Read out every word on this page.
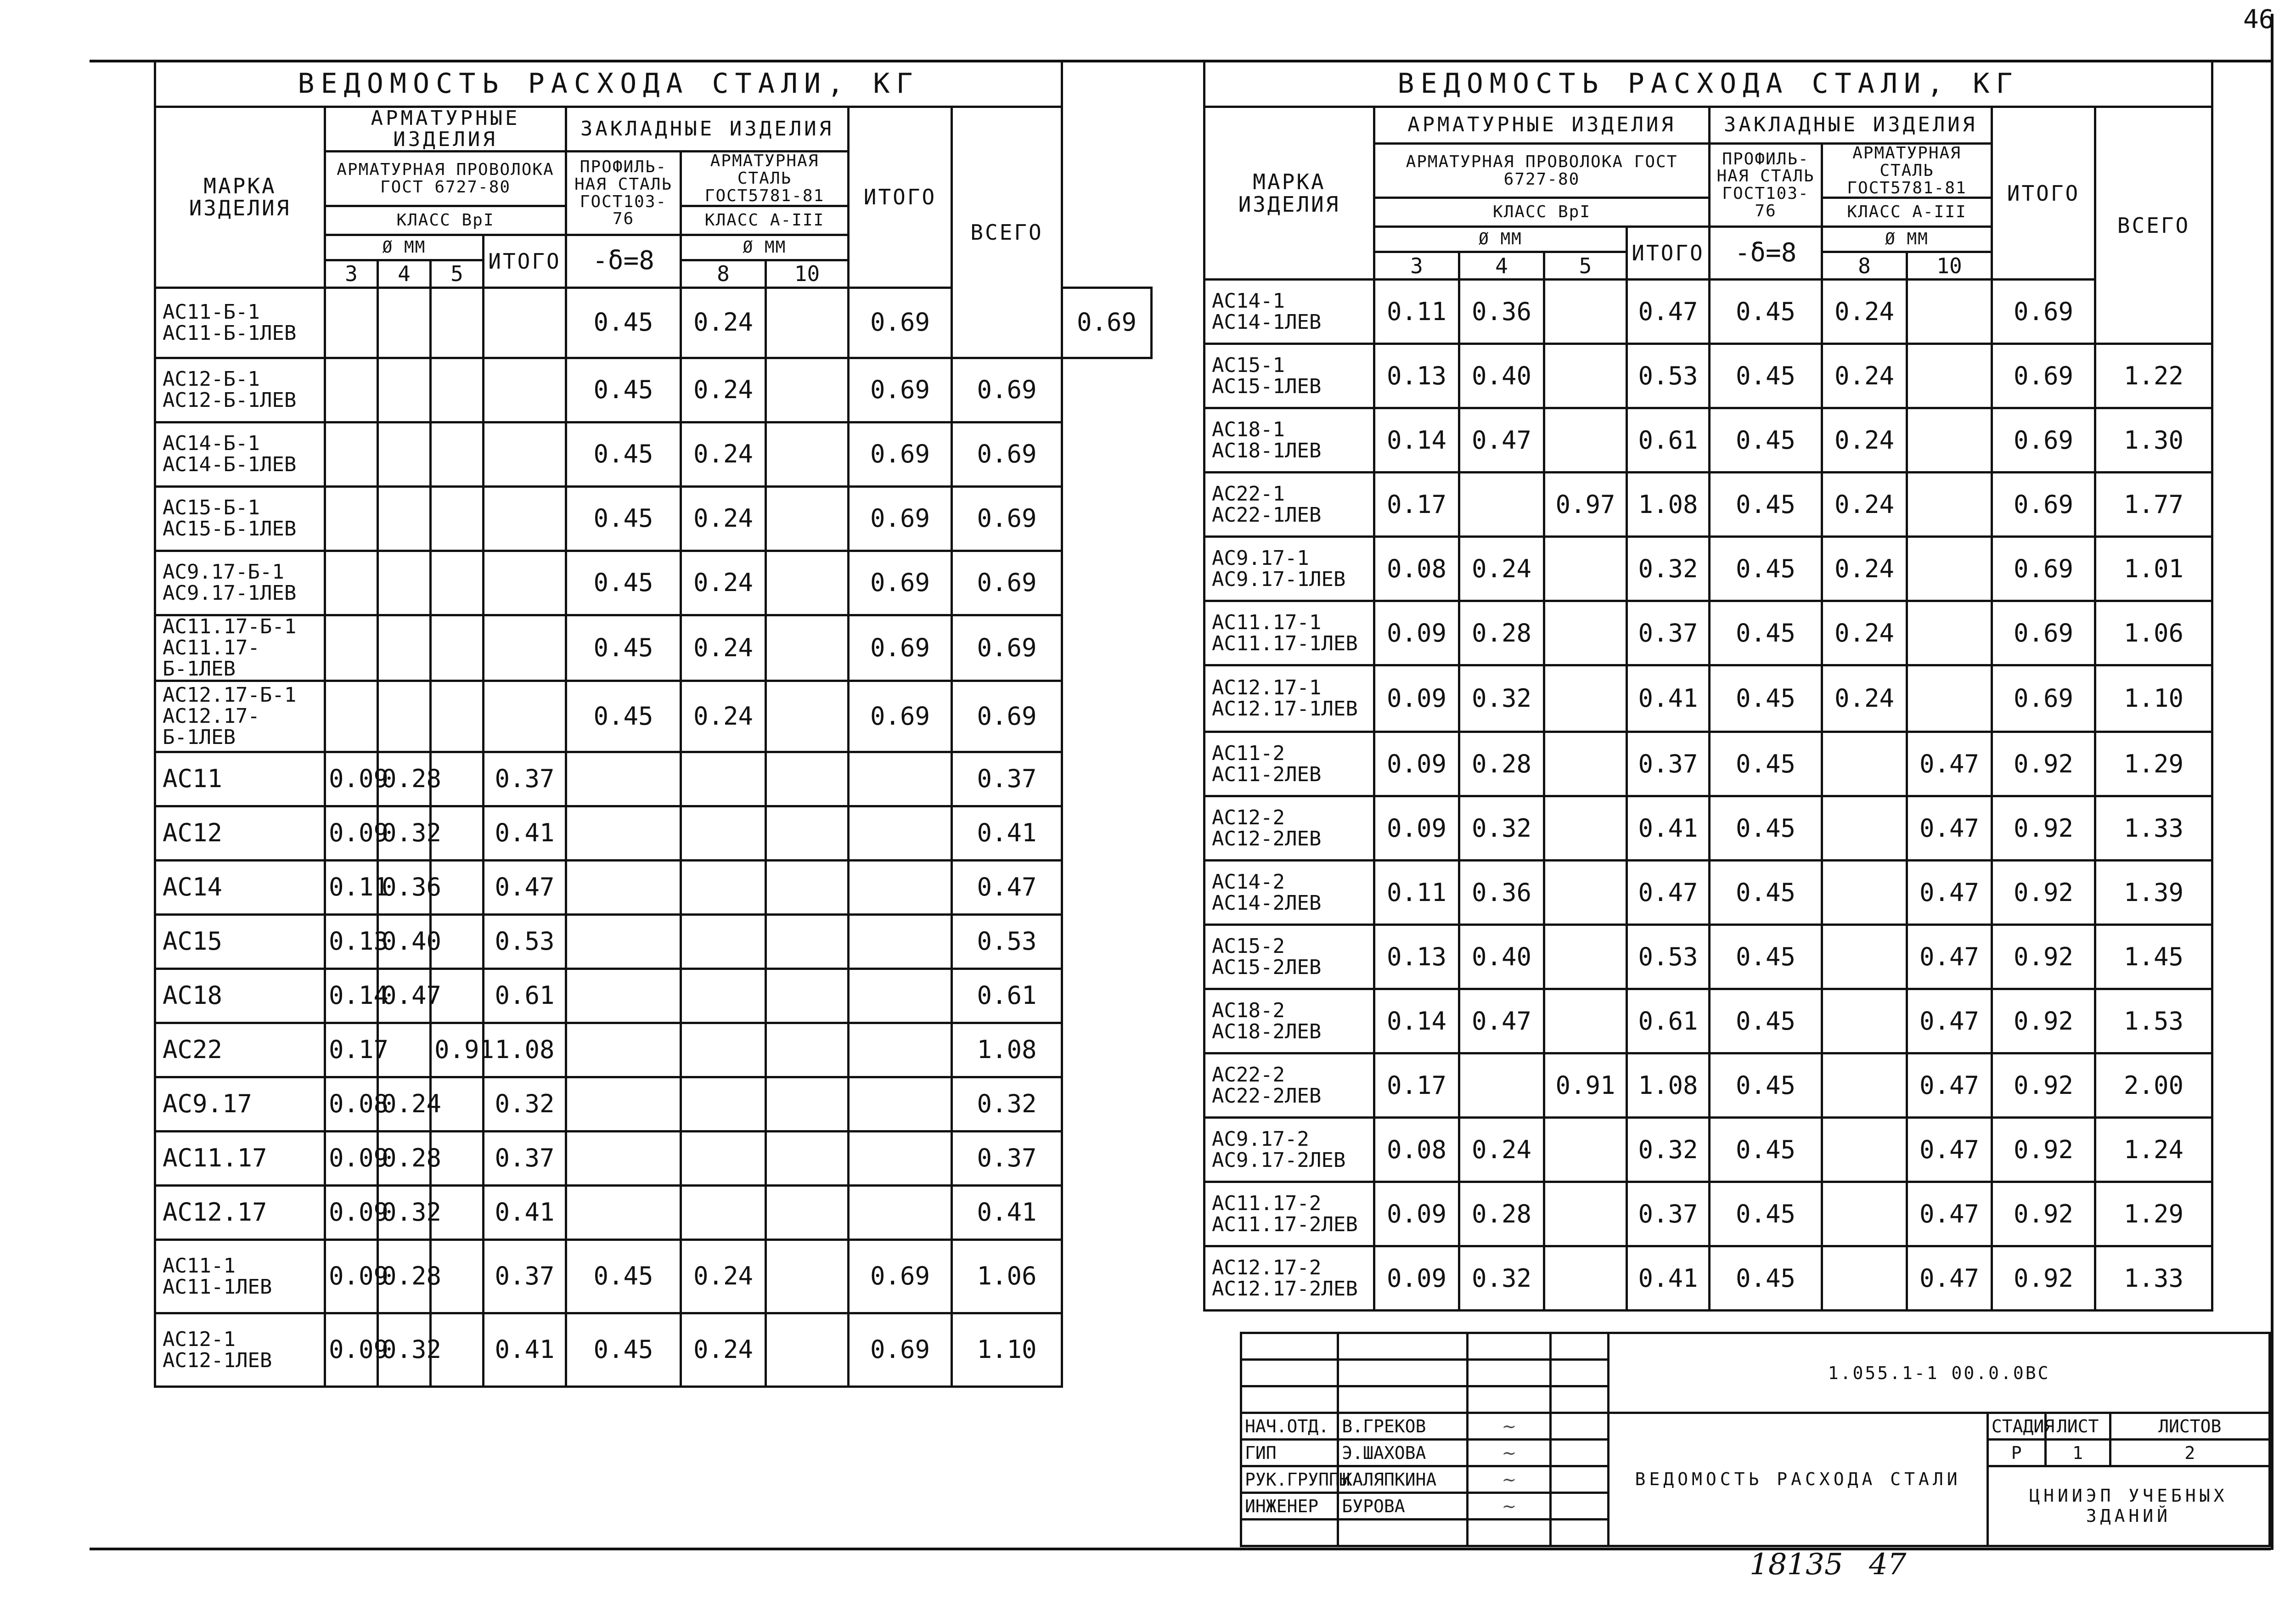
46
ВЕДОМОСТЬ РАСХОДА СТАЛИ, КГ										
МАРКА ИЗДЕЛИЯ	АРМАТУРНЫЕ ИЗДЕЛИЯ				ЗАКЛАДНЫЕ ИЗДЕЛИЯ			ИТОГО	ВСЕГО	
	АРМАТУРНАЯ ПРОВОЛОКА ГОСТ 6727-80				ПРОФИЛЬ-НАЯ СТАЛЬ ГОСТ103-76	АРМАТУРНАЯ СТАЛЬ ГОСТ5781-81				
	КЛАСС ВрI					КЛАСС A-III				
	Ø ММ			ИТОГО	-δ=8	Ø ММ				
	3	4	5			8	10			

АС11-Б-1
АС11-Б-1ЛЕВ					0.45	0.24		0.69		0.69

АС12-Б-1
АС12-Б-1ЛЕВ					0.45	0.24		0.69	0.69	

АС14-Б-1
АС14-Б-1ЛЕВ					0.45	0.24		0.69	0.69	

АС15-Б-1
АС15-Б-1ЛЕВ					0.45	0.24		0.69	0.69	

АС9.17-Б-1
АС9.17-1ЛЕВ					0.45	0.24		0.69	0.69	

АС11.17-Б-1
АС11.17-Б-1ЛЕВ					0.45	0.24		0.69	0.69	

АС12.17-Б-1
АС12.17-Б-1ЛЕВ					0.45	0.24		0.69	0.69	

АС11	0.09	0.28		0.37					0.37	

АС12	0.09	0.32		0.41					0.41	

АС14	0.11	0.36		0.47					0.47	

АС15	0.13	0.40		0.53					0.53	

АС18	0.14	0.47		0.61					0.61	

АС22	0.17		0.91	1.08					1.08	

АС9.17	0.08	0.24		0.32					0.32	

АС11.17	0.09	0.28		0.37					0.37	

АС12.17	0.09	0.32		0.41					0.41	

АС11-1
АС11-1ЛЕВ	0.09	0.28		0.37	0.45	0.24		0.69	1.06	

АС12-1
АС12-1ЛЕВ	0.09	0.32		0.41	0.45	0.24		0.69	1.10	
ВЕДОМОСТЬ РАСХОДА СТАЛИ, КГ										
МАРКА ИЗДЕЛИЯ	АРМАТУРНЫЕ ИЗДЕЛИЯ				ЗАКЛАДНЫЕ ИЗДЕЛИЯ			ИТОГО	ВСЕГО	
	АРМАТУРНАЯ ПРОВОЛОКА ГОСТ 6727-80				ПРОФИЛЬ-НАЯ СТАЛЬ ГОСТ103-76	АРМАТУРНАЯ СТАЛЬ ГОСТ5781-81				
	КЛАСС ВрI					КЛАСС A-III				
	Ø ММ			ИТОГО	-δ=8	Ø ММ				
	3	4	5			8	10			

АС14-1
АС14-1ЛЕВ	0.11	0.36		0.47	0.45	0.24		0.69	

АС15-1
АС15-1ЛЕВ	0.13	0.40		0.53	0.45	0.24		0.69	1.22	

АС18-1
АС18-1ЛЕВ	0.14	0.47		0.61	0.45	0.24		0.69	1.30	

АС22-1
АС22-1ЛЕВ	0.17		0.97	1.08	0.45	0.24		0.69	1.77	

АС9.17-1
АС9.17-1ЛЕВ	0.08	0.24		0.32	0.45	0.24		0.69	1.01	

АС11.17-1
АС11.17-1ЛЕВ	0.09	0.28		0.37	0.45	0.24		0.69	1.06	

АС12.17-1
АС12.17-1ЛЕВ	0.09	0.32		0.41	0.45	0.24		0.69	1.10	

АС11-2
АС11-2ЛЕВ	0.09	0.28		0.37	0.45		0.47	0.92	1.29	

АС12-2
АС12-2ЛЕВ	0.09	0.32		0.41	0.45		0.47	0.92	1.33	

АС14-2
АС14-2ЛЕВ	0.11	0.36		0.47	0.45		0.47	0.92	1.39	

АС15-2
АС15-2ЛЕВ	0.13	0.40		0.53	0.45		0.47	0.92	1.45	

АС18-2
АС18-2ЛЕВ	0.14	0.47		0.61	0.45		0.47	0.92	1.53	

АС22-2
АС22-2ЛЕВ	0.17		0.91	1.08	0.45		0.47	0.92	2.00	

АС9.17-2
АС9.17-2ЛЕВ	0.08	0.24		0.32	0.45		0.47	0.92	1.24	

АС11.17-2
АС11.17-2ЛЕВ	0.09	0.28		0.37	0.45		0.47	0.92	1.29	

АС12.17-2
АС12.17-2ЛЕВ	0.09	0.32		0.41	0.45		0.47	0.92	1.33	
				1.055.1-1 00.0.0ВС			

НАЧ.ОТД.	В.ГРЕКОВ	∼		ВЕДОМОСТЬ РАСХОДА СТАЛИ	СТАДИЯ	ЛИСТ	ЛИСТОВ
ГИП	Э.ШАХОВА	∼			Р	1	2
РУК.ГРУППЫ	КАЛЯПКИНА	∼			ЦНИИЭП УЧЕБНЫХ ЗДАНИЙ		
ИНЖЕНЕР	БУРОВА	∼					

18135 47
